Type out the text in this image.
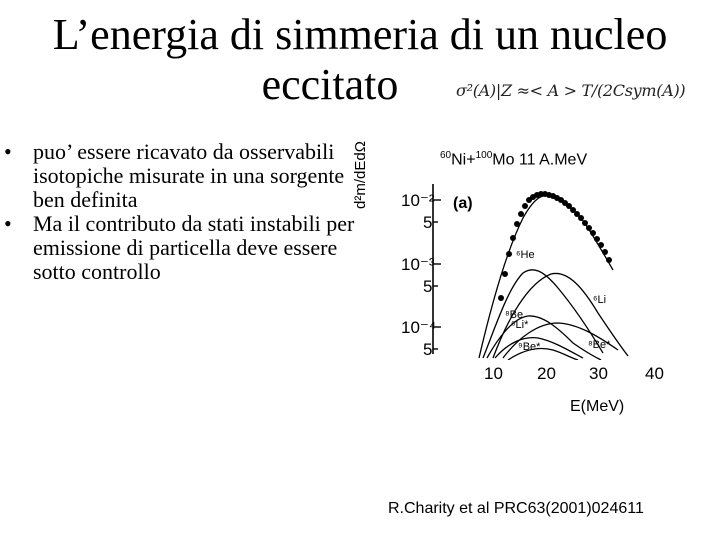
L’energia di simmeria di un nucleo
eccitato	σ²(A)|Z ≈< A > T/(2Csym(A))
• puo’ essere ricavato da osservabili isotopiche misurate in una sorgente ben definita
• Ma il contributo da stati instabili per emissione di particella deve essere sotto controllo
$^{60}$Ni+$^{100}$Mo 11 A.MeV
d²m/dEdΩ 10⁻²
5
10⁻³
5
10⁻⁴
5
(a)
⁶He
⁶Li
⁸Be
⁶Li*
⁸Be*
⁹Be*
10 20 30 40
E(MeV)
R.Charity et al PRC63(2001)024611
